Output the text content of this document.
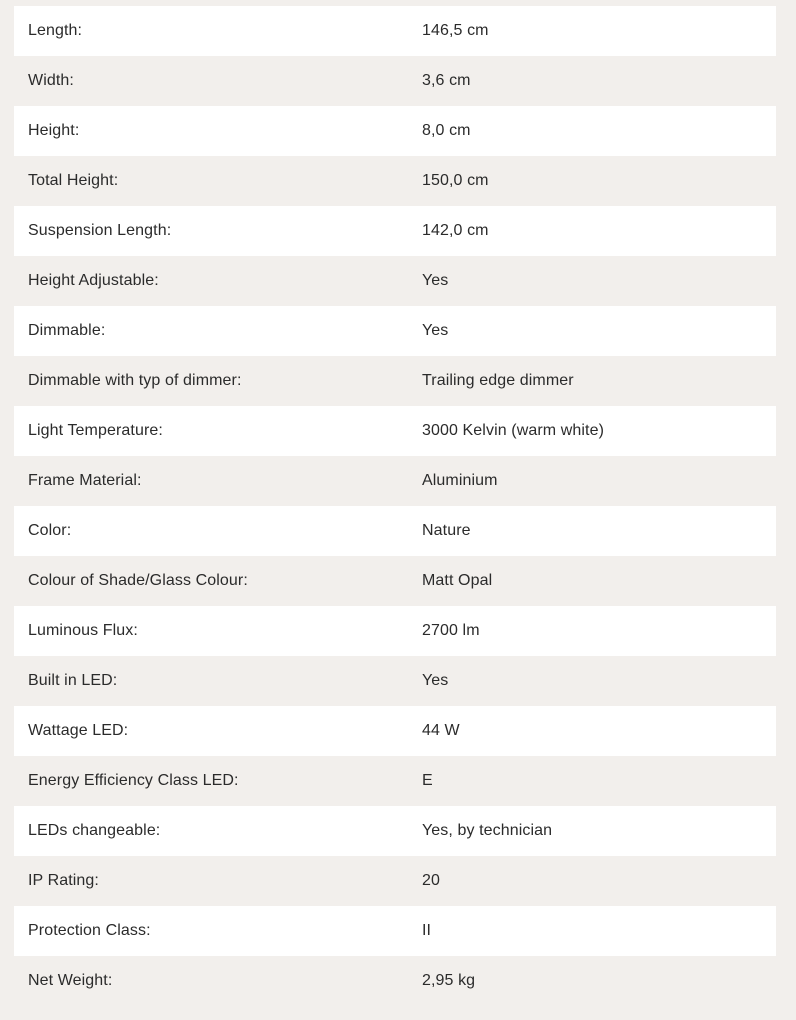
Length:	146,5 cm
Width:	3,6 cm
Height:	8,0 cm
Total Height:	150,0 cm
Suspension Length:	142,0 cm
Height Adjustable:	Yes
Dimmable:	Yes
Dimmable with typ of dimmer:	Trailing edge dimmer
Light Temperature:	3000 Kelvin (warm white)
Frame Material:	Aluminium
Color:	Nature
Colour of Shade/Glass Colour:	Matt Opal
Luminous Flux:	2700 lm
Built in LED:	Yes
Wattage LED:	44 W
Energy Efficiency Class LED:	E
LEDs changeable:	Yes, by technician
IP Rating:	20
Protection Class:	II
Net Weight:	2,95 kg
